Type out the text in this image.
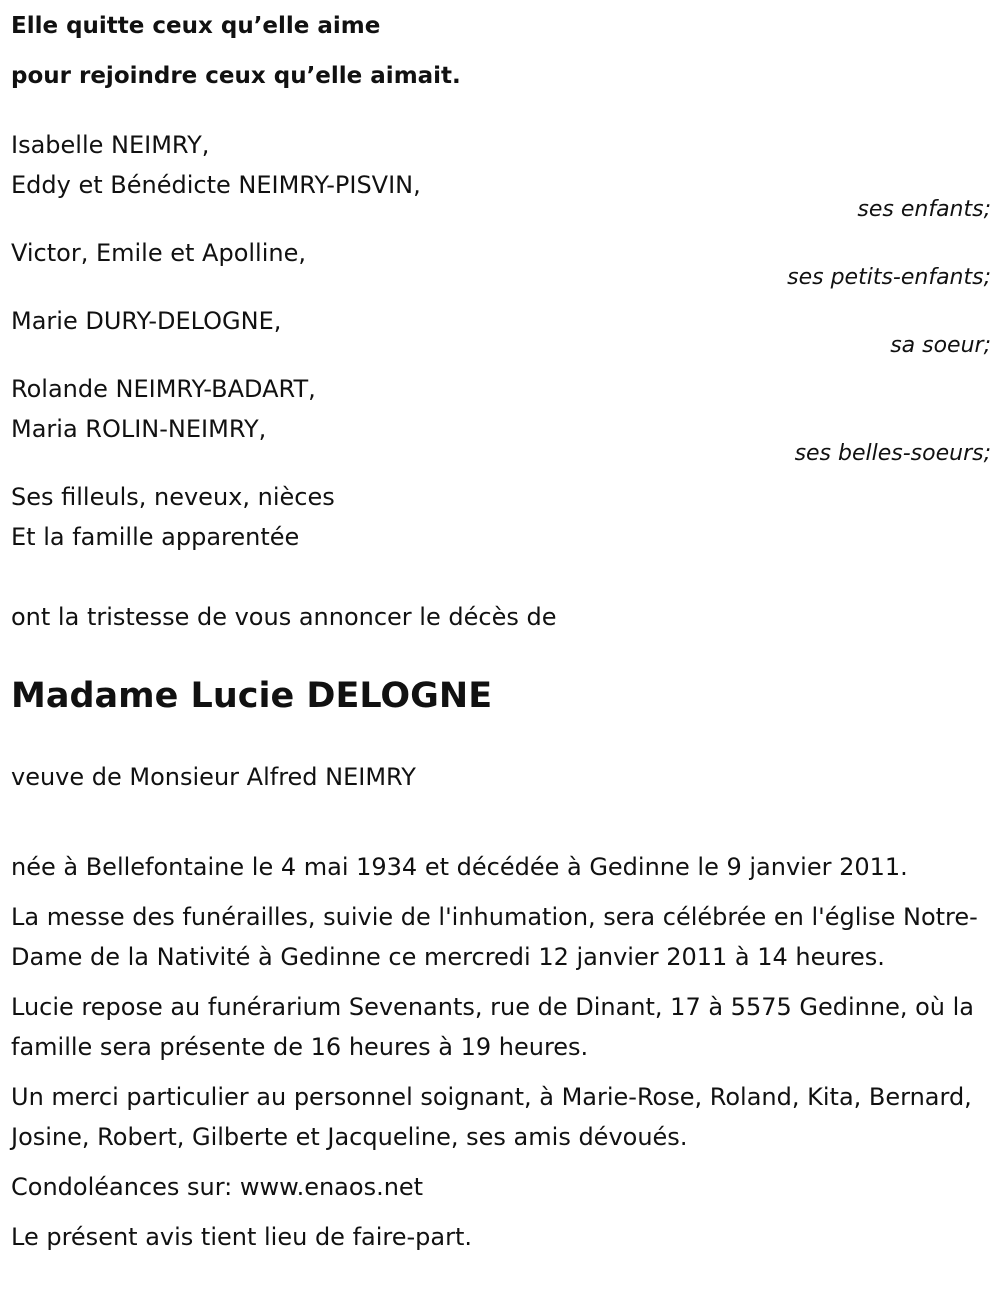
Elle quitte ceux qu’elle aime
pour rejoindre ceux qu’elle aimait.
Isabelle NEIMRY,
Eddy et Bénédicte NEIMRY-PISVIN,
ses enfants;
Victor, Emile et Apolline,
ses petits-enfants;
Marie DURY-DELOGNE,
sa soeur;
Rolande NEIMRY-BADART,
Maria ROLIN-NEIMRY,
ses belles-soeurs;
Ses filleuls, neveux, nièces
Et la famille apparentée
ont la tristesse de vous annoncer le décès de
Madame Lucie DELOGNE
veuve de Monsieur Alfred NEIMRY

née à Bellefontaine le 4 mai 1934 et décédée à Gedinne le 9 janvier 2011.

La messe des funérailles, suivie de l'inhumation, sera célébrée en l'église Notre-Dame de la Nativité à Gedinne ce mercredi 12 janvier 2011 à 14 heures.

Lucie repose au funérarium Sevenants, rue de Dinant, 17 à 5575 Gedinne, où la famille sera présente de 16 heures à 19 heures.

Un merci particulier au personnel soignant, à Marie-Rose, Roland, Kita, Bernard, Josine, Robert, Gilberte et Jacqueline, ses amis dévoués.

Condoléances sur: www.enaos.net

Le présent avis tient lieu de faire-part.
